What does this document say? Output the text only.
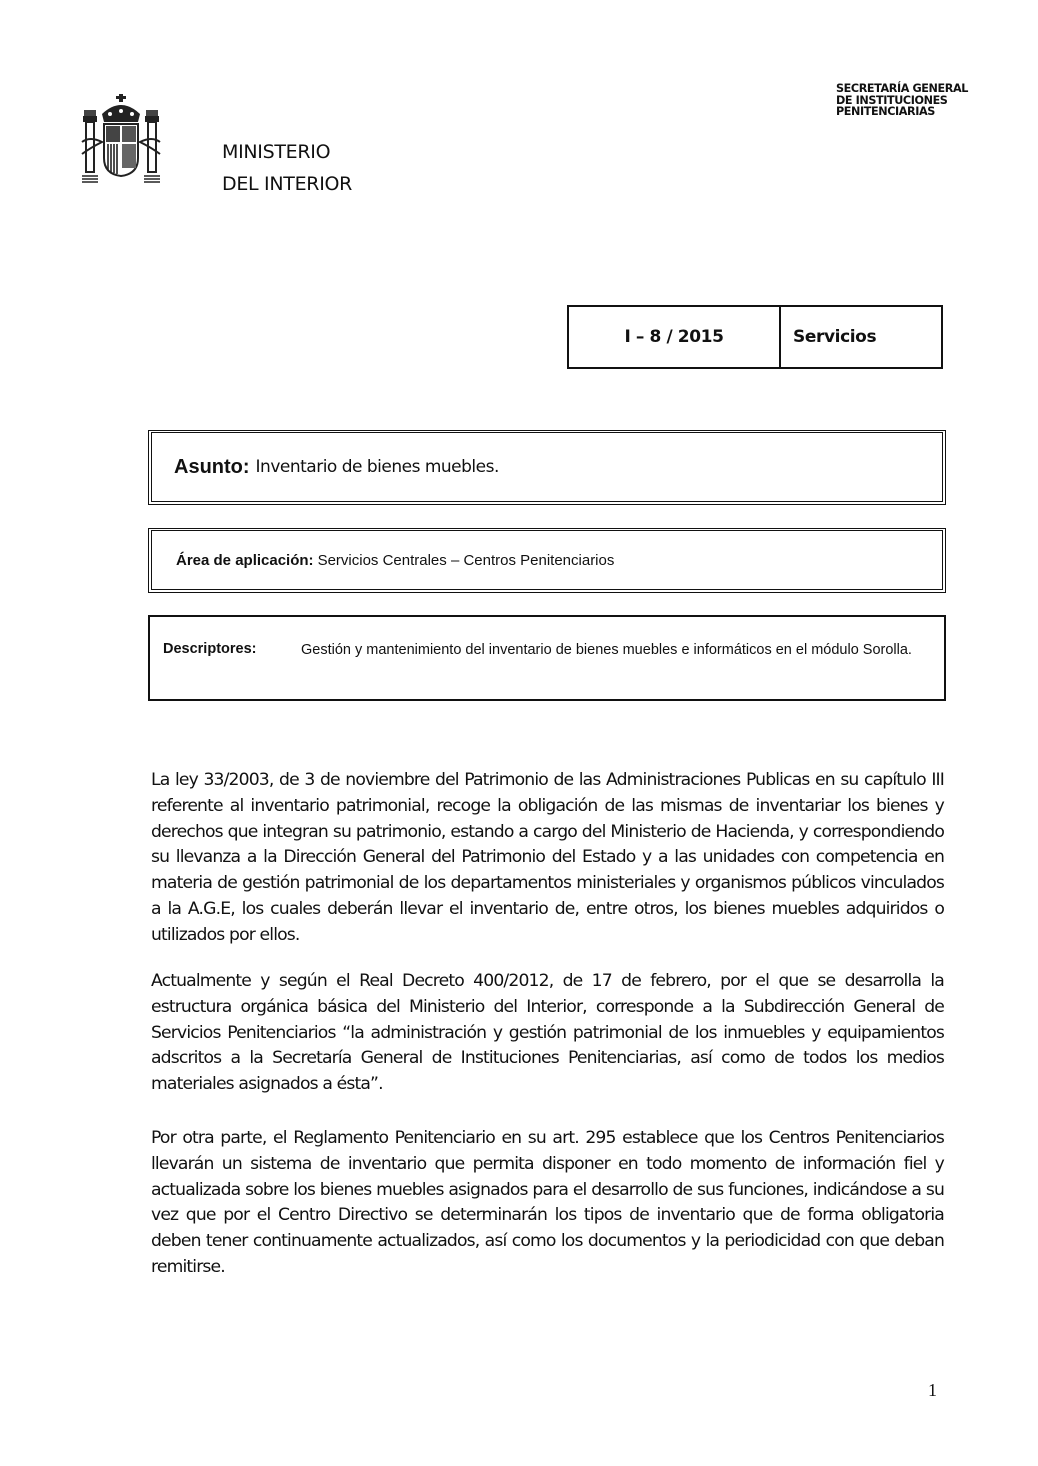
MINISTERIO
DEL INTERIOR
SECRETARÍA GENERAL
DE INSTITUCIONES
PENITENCIARIAS
I – 8 / 2015	Servicios
Asunto: Inventario de bienes muebles.
Área de aplicación: Servicios Centrales – Centros Penitenciarios
Descriptores:	Gestión y mantenimiento del inventario de bienes muebles e informáticos en el módulo Sorolla.

La ley 33/2003, de 3 de noviembre del Patrimonio de las Administraciones Publicas en su capítulo III referente al inventario patrimonial, recoge la obligación de las mismas de inventariar los bienes y derechos que integran su patrimonio, estando a cargo del Ministerio de Hacienda, y correspondiendo su llevanza a la Dirección General del Patrimonio del Estado y a las unidades con competencia en materia de gestión patrimonial de los departamentos ministeriales y organismos públicos vinculados a la A.G.E, los cuales deberán llevar el inventario de, entre otros, los bienes muebles adquiridos o utilizados por ellos.

Actualmente y según el Real Decreto 400/2012, de 17 de febrero, por el que se desarrolla la estructura orgánica básica del Ministerio del Interior, corresponde a la Subdirección General de Servicios Penitenciarios “la administración y gestión patrimonial de los inmuebles y equipamientos adscritos a la Secretaría General de Instituciones Penitenciarias, así como de todos los medios materiales asignados a ésta”.

Por otra parte, el Reglamento Penitenciario en su art. 295 establece que los Centros Penitenciarios llevarán un sistema de inventario que permita disponer en todo momento de información fiel y actualizada sobre los bienes muebles asignados para el desarrollo de sus funciones, indicándose a su vez que por el Centro Directivo se determinarán los tipos de inventario que de forma obligatoria deben tener continuamente actualizados, así como los documentos y la periodicidad con que deban remitirse.

1
